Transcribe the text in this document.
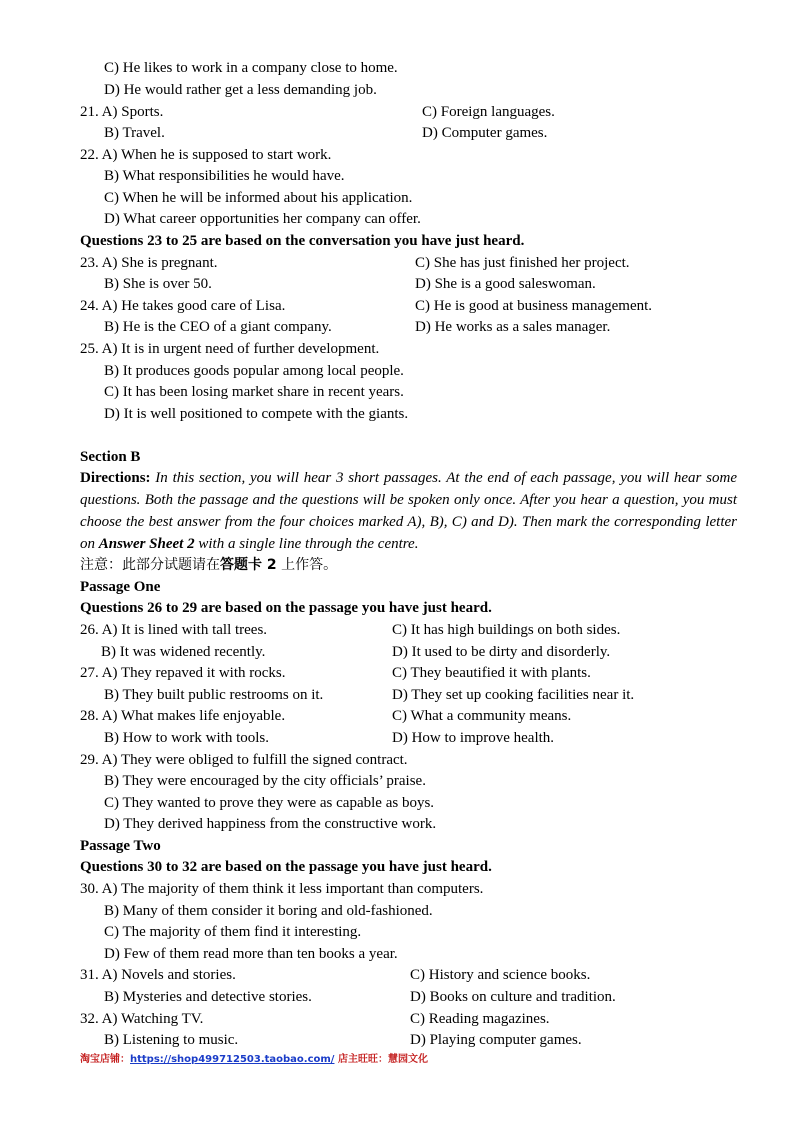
C) He likes to work in a company close to home.
D) He would rather get a less demanding job.
21. A) Sports.	C) Foreign languages.
B) Travel.	D) Computer games.
22. A) When he is supposed to start work.
B) What responsibilities he would have.
C) When he will be informed about his application.
D) What career opportunities her company can offer.
Questions 23 to 25 are based on the conversation you have just heard.
23. A) She is pregnant.	C) She has just finished her project.
B) She is over 50.	D) She is a good saleswoman.
24. A) He takes good care of Lisa.	C) He is good at business management.
B) He is the CEO of a giant company.	D) He works as a sales manager.
25. A) It is in urgent need of further development.
B) It produces goods popular among local people.
C) It has been losing market share in recent years.
D) It is well positioned to compete with the giants.
Section B
Directions: In this section, you will hear 3 short passages. At the end of each passage, you will hear some questions. Both the passage and the questions will be spoken only once. After you hear a question, you must choose the best answer from the four choices marked A), B), C) and D). Then mark the corresponding letter on Answer Sheet 2 with a single line through the centre.
注意：此部分试题请在答题卡 2 上作答。
Passage One
Questions 26 to 29 are based on the passage you have just heard.
26. A) It is lined with tall trees.	C) It has high buildings on both sides.
B) It was widened recently.	D) It used to be dirty and disorderly.
27. A) They repaved it with rocks.	C) They beautified it with plants.
B) They built public restrooms on it.	D) They set up cooking facilities near it.
28. A) What makes life enjoyable.	C) What a community means.
B) How to work with tools.	D) How to improve health.
29. A) They were obliged to fulfill the signed contract.
B) They were encouraged by the city officials’ praise.
C) They wanted to prove they were as capable as boys.
D) They derived happiness from the constructive work.
Passage Two
Questions 30 to 32 are based on the passage you have just heard.
30. A) The majority of them think it less important than computers.
B) Many of them consider it boring and old-fashioned.
C) The majority of them find it interesting.
D) Few of them read more than ten books a year.
31. A) Novels and stories.	C) History and science books.
B) Mysteries and detective stories.	D) Books on culture and tradition.
32. A) Watching TV.	C) Reading magazines.
B) Listening to music.	D) Playing computer games.
淘宝店铺：https://shop499712503.taobao.com/ 店主旺旺：慧园文化
